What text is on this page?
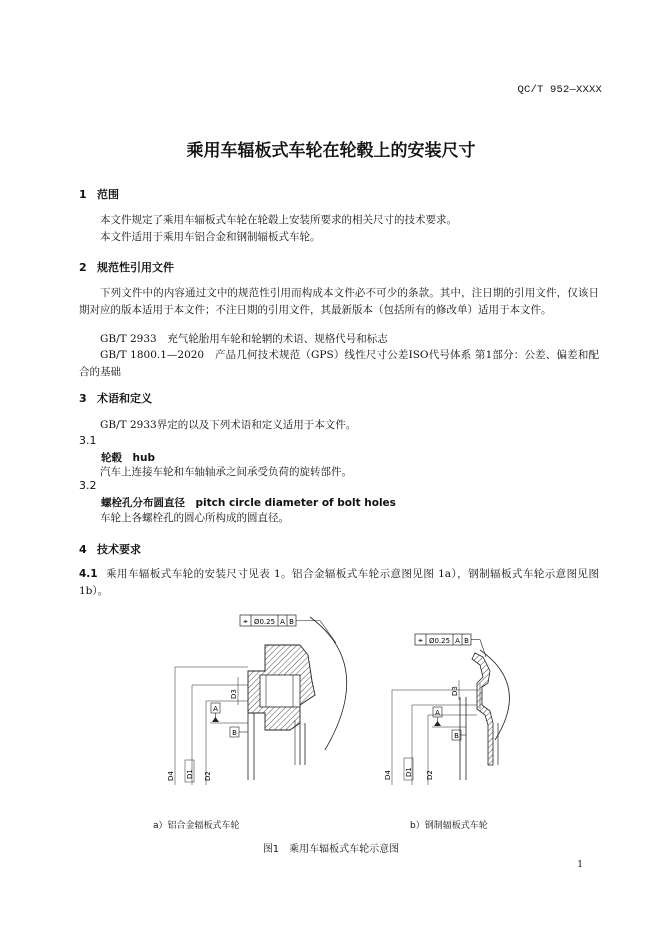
QC/T 952—XXXX
乘用车辐板式车轮在轮毂上的安装尺寸
1 范围
本文件规定了乘用车辐板式车轮在轮毂上安装所要求的相关尺寸的技术要求。
本文件适用于乘用车铝合金和钢制辐板式车轮。
2 规范性引用文件
下列文件中的内容通过文中的规范性引用而构成本文件必不可少的条款。其中，注日期的引用文件，仅该日期对应的版本适用于本文件；不注日期的引用文件，其最新版本（包括所有的修改单）适用于本文件。
GB/T 2933　充气轮胎用车轮和轮辋的术语、规格代号和标志
GB/T 1800.1—2020　产品几何技术规范（GPS）线性尺寸公差ISO代号体系 第1部分：公差、偏差和配合的基础
3 术语和定义
GB/T 2933界定的以及下列术语和定义适用于本文件。
3.1
轮毂　hub
汽车上连接车轮和车轴轴承之间承受负荷的旋转部件。
3.2
螺栓孔分布圆直径　pitch circle diameter of bolt holes
车轮上各螺栓孔的圆心所构成的圆直径。
4 技术要求
4.1 乘用车辐板式车轮的安装尺寸见表 1。铝合金辐板式车轮示意图见图 1a），钢制辐板式车轮示意图见图 1b）。
⌖ Ø0.25 A B
A
B
D4 D1 D2
D3
⌖ Ø0.25 A B
A
B
D4 D1 D2
D3
a）铝合金辐板式车轮	b）钢制辐板式车轮
图1　乘用车辐板式车轮示意图
1
